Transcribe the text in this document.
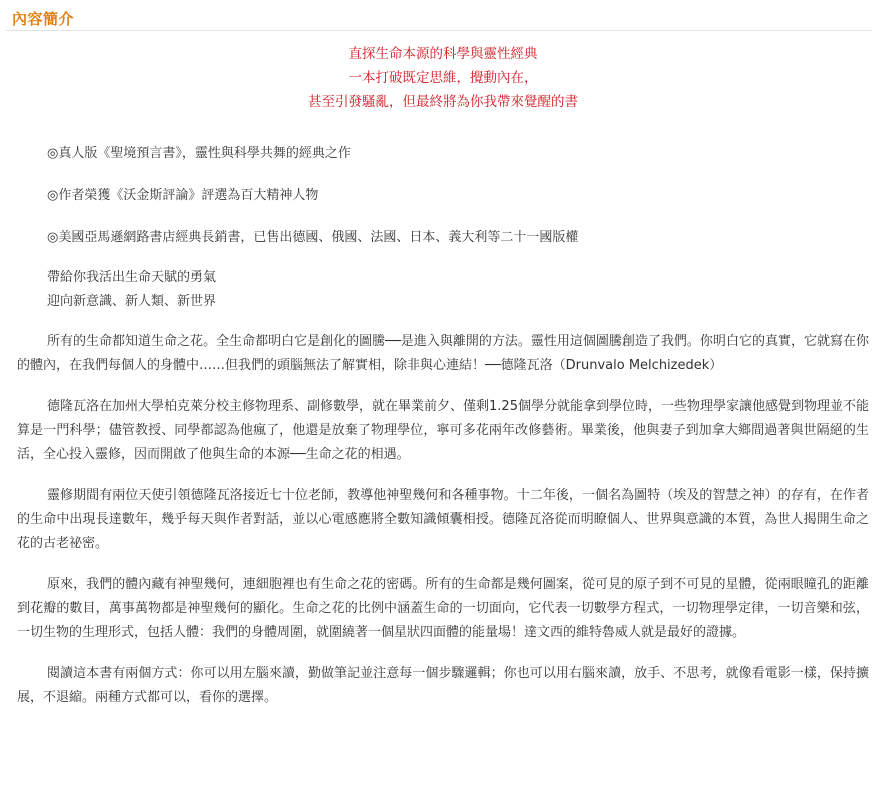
內容簡介
直探生命本源的科學與靈性經典
一本打破既定思維，攪動內在，
甚至引發騷亂，但最終將為你我帶來覺醒的書

◎真人版《聖境預言書》，靈性與科學共舞的經典之作

◎作者榮獲《沃金斯評論》評選為百大精神人物

◎美國亞馬遜網路書店經典長銷書，已售出德國、俄國、法國、日本、義大利等二十一國版權

帶給你我活出生命天賦的勇氣
迎向新意識、新人類、新世界

所有的生命都知道生命之花。全生命都明白它是創化的圖騰──是進入與離開的方法。靈性用這個圖騰創造了我們。你明白它的真實，它就寫在你的體內，在我們每個人的身體中……但我們的頭腦無法了解實相，除非與心連結！──德隆瓦洛（Drunvalo Melchizedek）

德隆瓦洛在加州大學柏克萊分校主修物理系、副修數學，就在畢業前夕、僅剩1.25個學分就能拿到學位時，一些物理學家讓他感覺到物理並不能算是一門科學；儘管教授、同學都認為他瘋了，他還是放棄了物理學位，寧可多花兩年改修藝術。畢業後，他與妻子到加拿大鄉間過著與世隔絕的生活，全心投入靈修，因而開啟了他與生命的本源──生命之花的相遇。

靈修期間有兩位天使引領德隆瓦洛接近七十位老師，教導他神聖幾何和各種事物。十二年後，一個名為圖特（埃及的智慧之神）的存有，在作者的生命中出現長達數年，幾乎每天與作者對話，並以心電感應將全數知識傾囊相授。德隆瓦洛從而明瞭個人、世界與意識的本質，為世人揭開生命之花的古老祕密。

原來，我們的體內藏有神聖幾何，連細胞裡也有生命之花的密碼。所有的生命都是幾何圖案，從可見的原子到不可見的星體，從兩眼瞳孔的距離到花瓣的數目，萬事萬物都是神聖幾何的顯化。生命之花的比例中涵蓋生命的一切面向，它代表一切數學方程式，一切物理學定律，一切音樂和弦，一切生物的生理形式，包括人體：我們的身體周圍，就圍繞著一個星狀四面體的能量場！達文西的維特魯威人就是最好的證據。

閱讀這本書有兩個方式：你可以用左腦來讀，勤做筆記並注意每一個步驟邏輯；你也可以用右腦來讀，放手、不思考，就像看電影一樣，保持擴展，不退縮。兩種方式都可以，看你的選擇。
